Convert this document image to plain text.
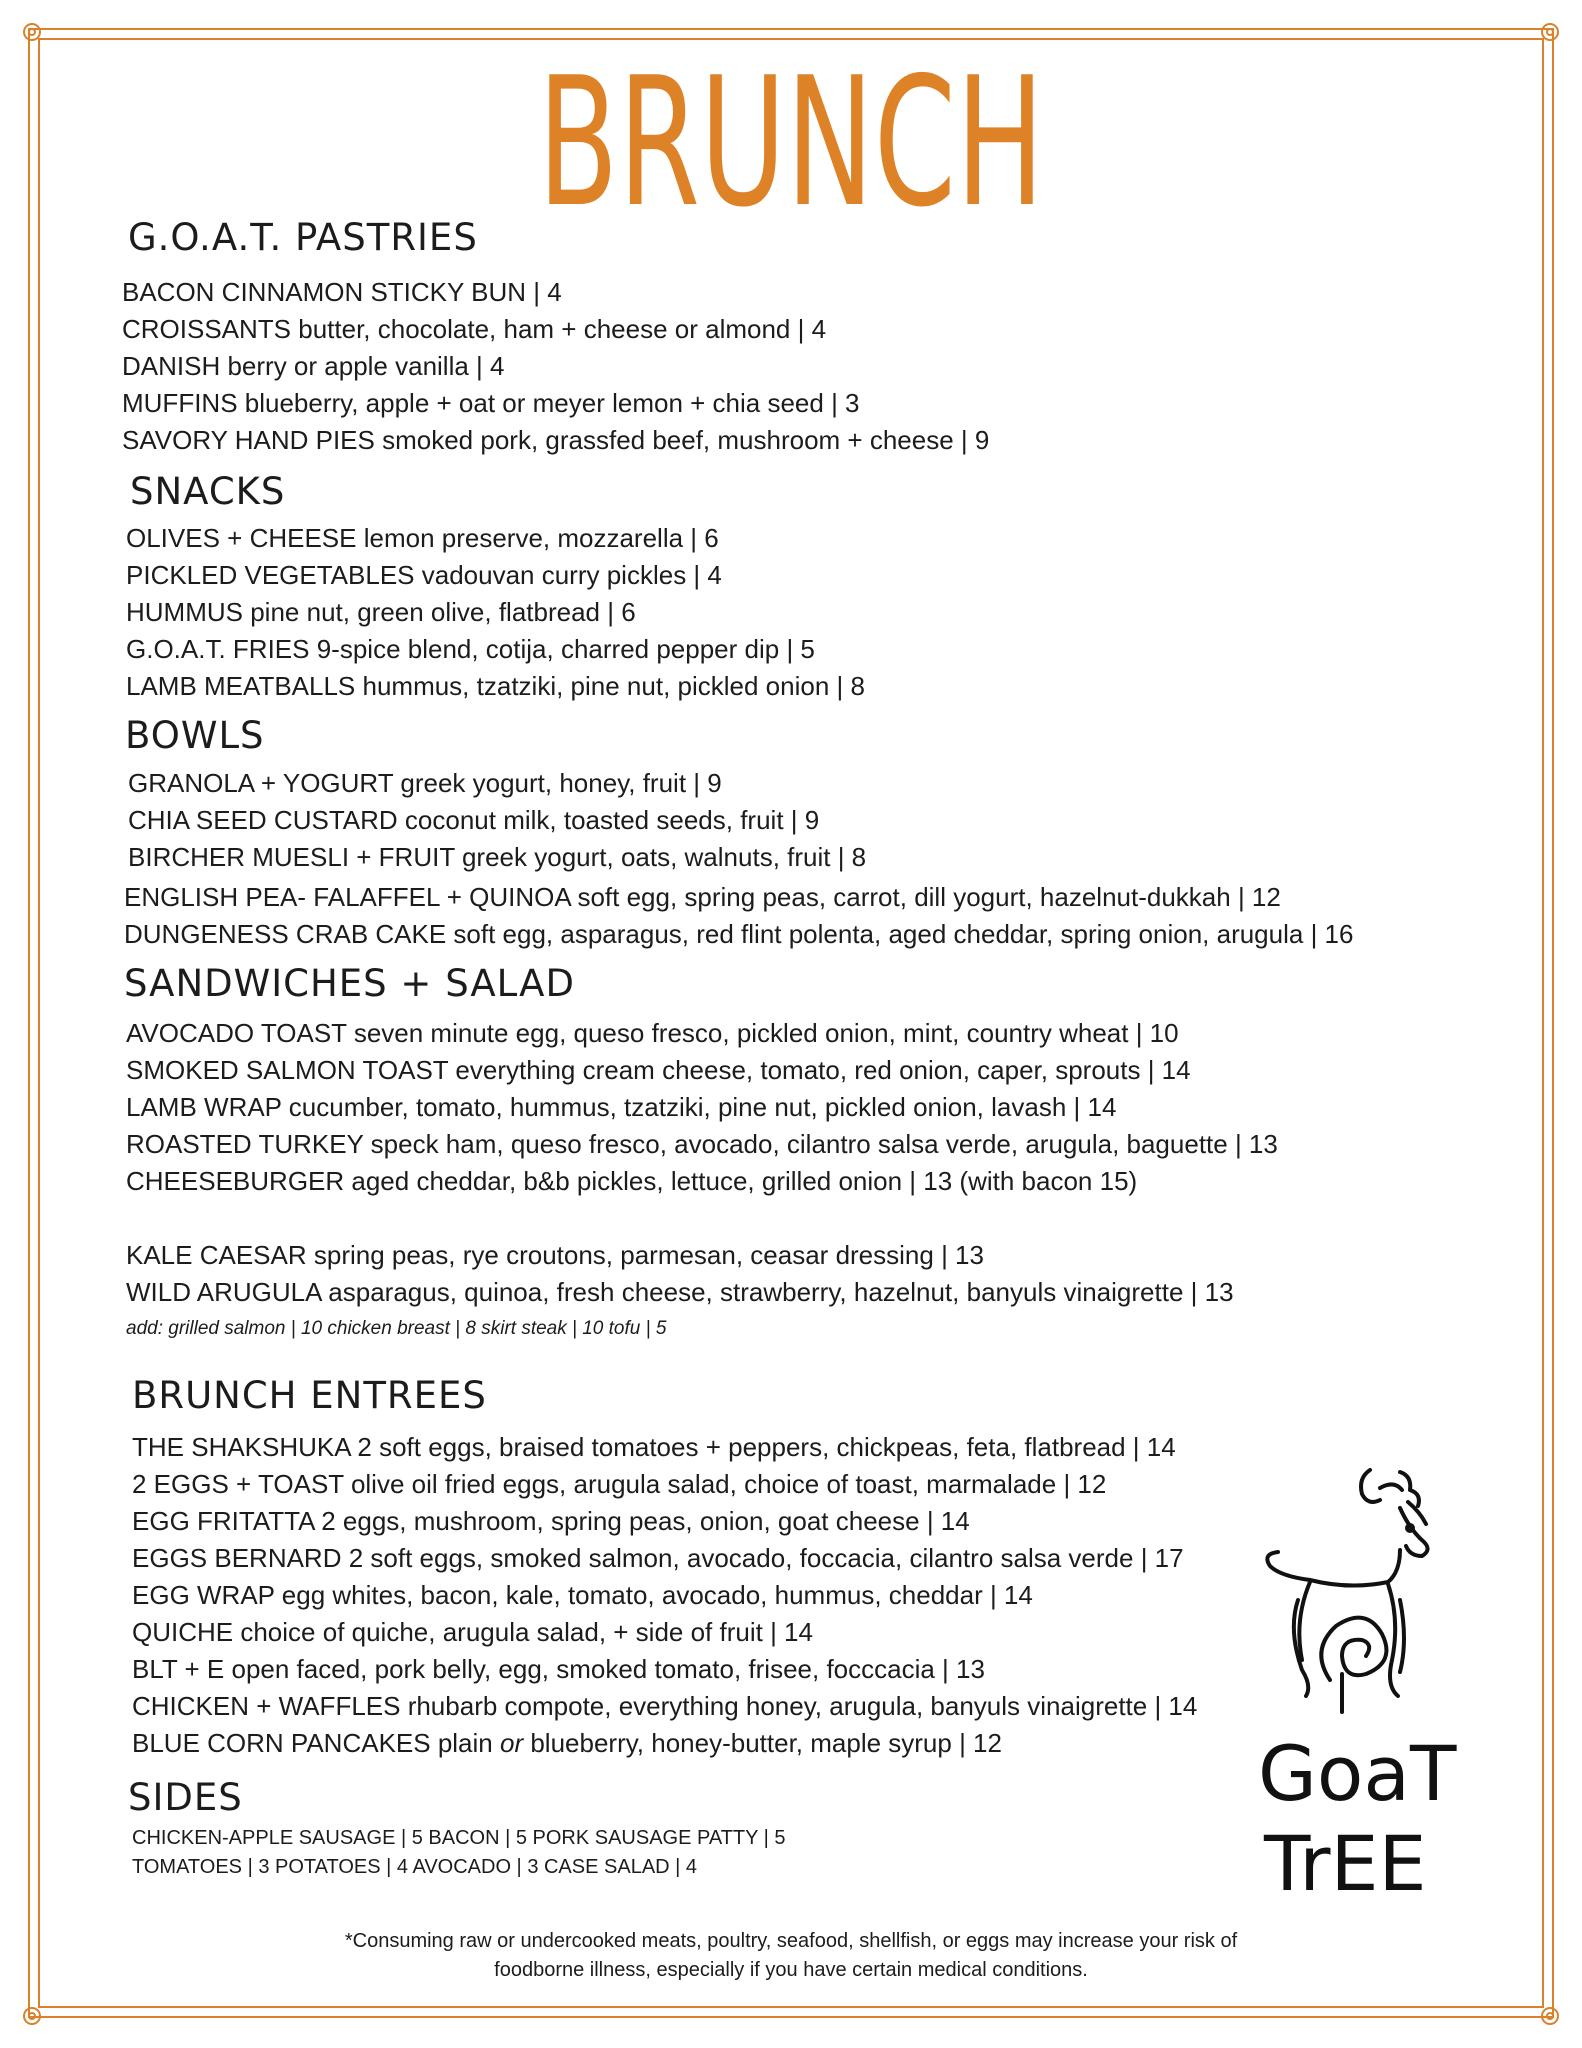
BRUNCH
G.O.A.T. PASTRIES
BACON CINNAMON STICKY BUN | 4
CROISSANTS butter, chocolate, ham + cheese or almond | 4
DANISH berry or apple vanilla | 4
MUFFINS blueberry, apple + oat or meyer lemon + chia seed | 3
SAVORY HAND PIES smoked pork, grassfed beef, mushroom + cheese | 9
SNACKS
OLIVES + CHEESE lemon preserve, mozzarella | 6
PICKLED VEGETABLES vadouvan curry pickles | 4
HUMMUS pine nut, green olive, flatbread | 6
G.O.A.T. FRIES 9-spice blend, cotija, charred pepper dip | 5
LAMB MEATBALLS hummus, tzatziki, pine nut, pickled onion | 8
BOWLS
GRANOLA + YOGURT greek yogurt, honey, fruit | 9
CHIA SEED CUSTARD coconut milk, toasted seeds, fruit | 9
BIRCHER MUESLI + FRUIT greek yogurt, oats, walnuts, fruit | 8
ENGLISH PEA- FALAFFEL + QUINOA soft egg, spring peas, carrot, dill yogurt, hazelnut-dukkah | 12
DUNGENESS CRAB CAKE soft egg, asparagus, red flint polenta, aged cheddar, spring onion, arugula | 16
SANDWICHES + SALAD
AVOCADO TOAST seven minute egg, queso fresco, pickled onion, mint, country wheat | 10
SMOKED SALMON TOAST everything cream cheese, tomato, red onion, caper, sprouts | 14
LAMB WRAP cucumber, tomato, hummus, tzatziki, pine nut, pickled onion, lavash | 14
ROASTED TURKEY speck ham, queso fresco, avocado, cilantro salsa verde, arugula, baguette | 13
CHEESEBURGER aged cheddar, b&b pickles, lettuce, grilled onion | 13 (with bacon 15)
KALE CAESAR spring peas, rye croutons, parmesan, ceasar dressing | 13
WILD ARUGULA asparagus, quinoa, fresh cheese, strawberry, hazelnut, banyuls vinaigrette | 13
add: grilled salmon | 10 chicken breast | 8 skirt steak | 10 tofu | 5
BRUNCH ENTREES
THE SHAKSHUKA 2 soft eggs, braised tomatoes + peppers, chickpeas, feta, flatbread | 14
2 EGGS + TOAST olive oil fried eggs, arugula salad, choice of toast, marmalade | 12
EGG FRITATTA 2 eggs, mushroom, spring peas, onion, goat cheese | 14
EGGS BERNARD 2 soft eggs, smoked salmon, avocado, foccacia, cilantro salsa verde | 17
EGG WRAP egg whites, bacon, kale, tomato, avocado, hummus, cheddar | 14
QUICHE choice of quiche, arugula salad, + side of fruit | 14
BLT + E open faced, pork belly, egg, smoked tomato, frisee, focccacia | 13
CHICKEN + WAFFLES rhubarb compote, everything honey, arugula, banyuls vinaigrette | 14
BLUE CORN PANCAKES plain or blueberry, honey-butter, maple syrup | 12
SIDES
CHICKEN-APPLE SAUSAGE | 5 BACON | 5 PORK SAUSAGE PATTY | 5
TOMATOES | 3 POTATOES | 4 AVOCADO | 3 CASE SALAD | 4
GoaT
TrEE
*Consuming raw or undercooked meats, poultry, seafood, shellfish, or eggs may increase your risk of
foodborne illness, especially if you have certain medical conditions.
